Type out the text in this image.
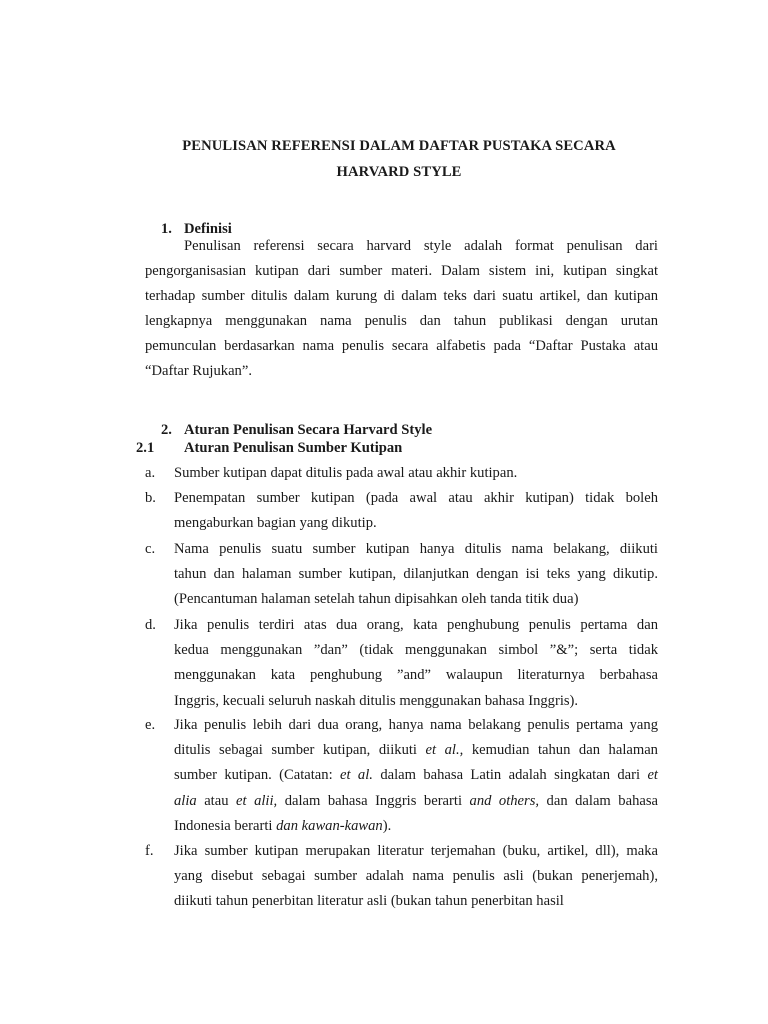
PENULISAN REFERENSI DALAM DAFTAR PUSTAKA SECARA
HARVARD STYLE
1. Definisi
Penulisan referensi secara harvard style adalah format penulisan dari
pengorganisasian kutipan dari sumber materi. Dalam sistem ini, kutipan singkat
terhadap sumber ditulis dalam kurung di dalam teks dari suatu artikel, dan kutipan
lengkapnya menggunakan nama penulis dan tahun publikasi dengan urutan
pemunculan berdasarkan nama penulis secara alfabetis pada “Daftar Pustaka atau
“Daftar Rujukan”.
2. Aturan Penulisan Secara Harvard Style
2.1 Aturan Penulisan Sumber Kutipan
a.	Sumber kutipan dapat ditulis pada awal atau akhir kutipan.
b.	Penempatan sumber kutipan (pada awal atau akhir kutipan) tidak boleh
mengaburkan bagian yang dikutip.
c.	Nama penulis suatu sumber kutipan hanya ditulis nama belakang, diikuti
tahun dan halaman sumber kutipan, dilanjutkan dengan isi teks yang dikutip.
(Pencantuman halaman setelah tahun dipisahkan oleh tanda titik dua)
d.	Jika penulis terdiri atas dua orang, kata penghubung penulis pertama dan
kedua menggunakan ”dan” (tidak menggunakan simbol ”&”; serta tidak
menggunakan kata penghubung ”and” walaupun literaturnya berbahasa
Inggris, kecuali seluruh naskah ditulis menggunakan bahasa Inggris).
e.	Jika penulis lebih dari dua orang, hanya nama belakang penulis pertama yang
ditulis sebagai sumber kutipan, diikuti et al., kemudian tahun dan halaman
sumber kutipan. (Catatan: et al. dalam bahasa Latin adalah singkatan dari et
alia atau et alii, dalam bahasa Inggris berarti and others, dan dalam bahasa
Indonesia berarti dan kawan-kawan).
f.	Jika sumber kutipan merupakan literatur terjemahan (buku, artikel, dll), maka
yang disebut sebagai sumber adalah nama penulis asli (bukan penerjemah),
diikuti tahun penerbitan literatur asli (bukan tahun penerbitan hasil
